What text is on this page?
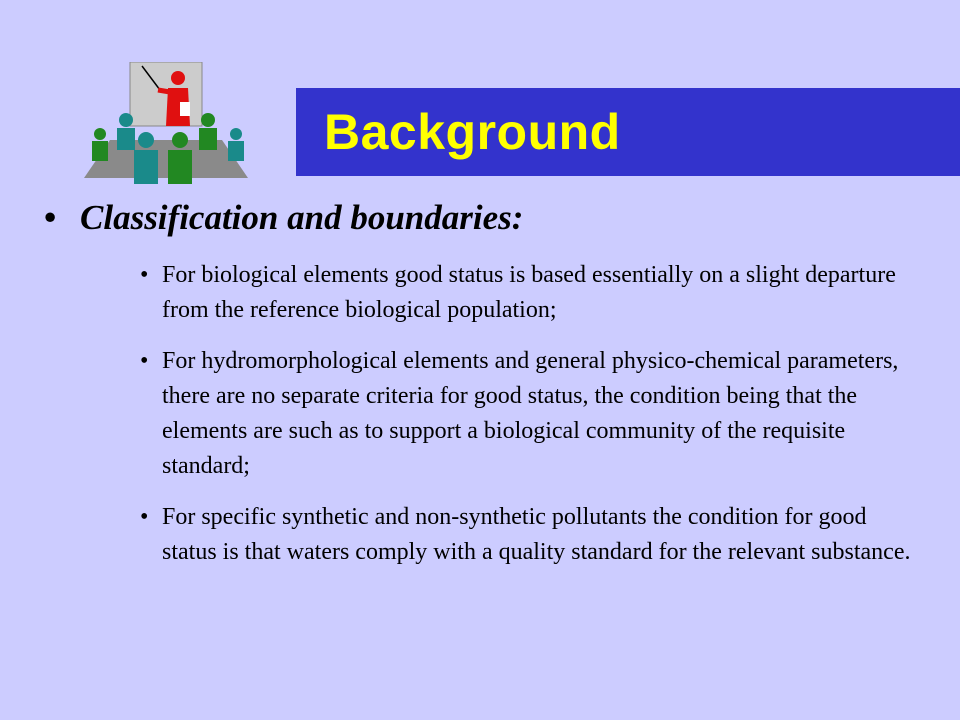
Background
• Classification and boundaries:
• For biological elements good status is based essentially on a slight departure from the reference biological population;
• For hydromorphological elements and general physico-chemical parameters, there are no separate criteria for good status, the condition being that the elements are such as to support a biological community of the requisite standard;
• For specific synthetic and non-synthetic pollutants the condition for good status is that waters comply with a quality standard for the relevant substance.
